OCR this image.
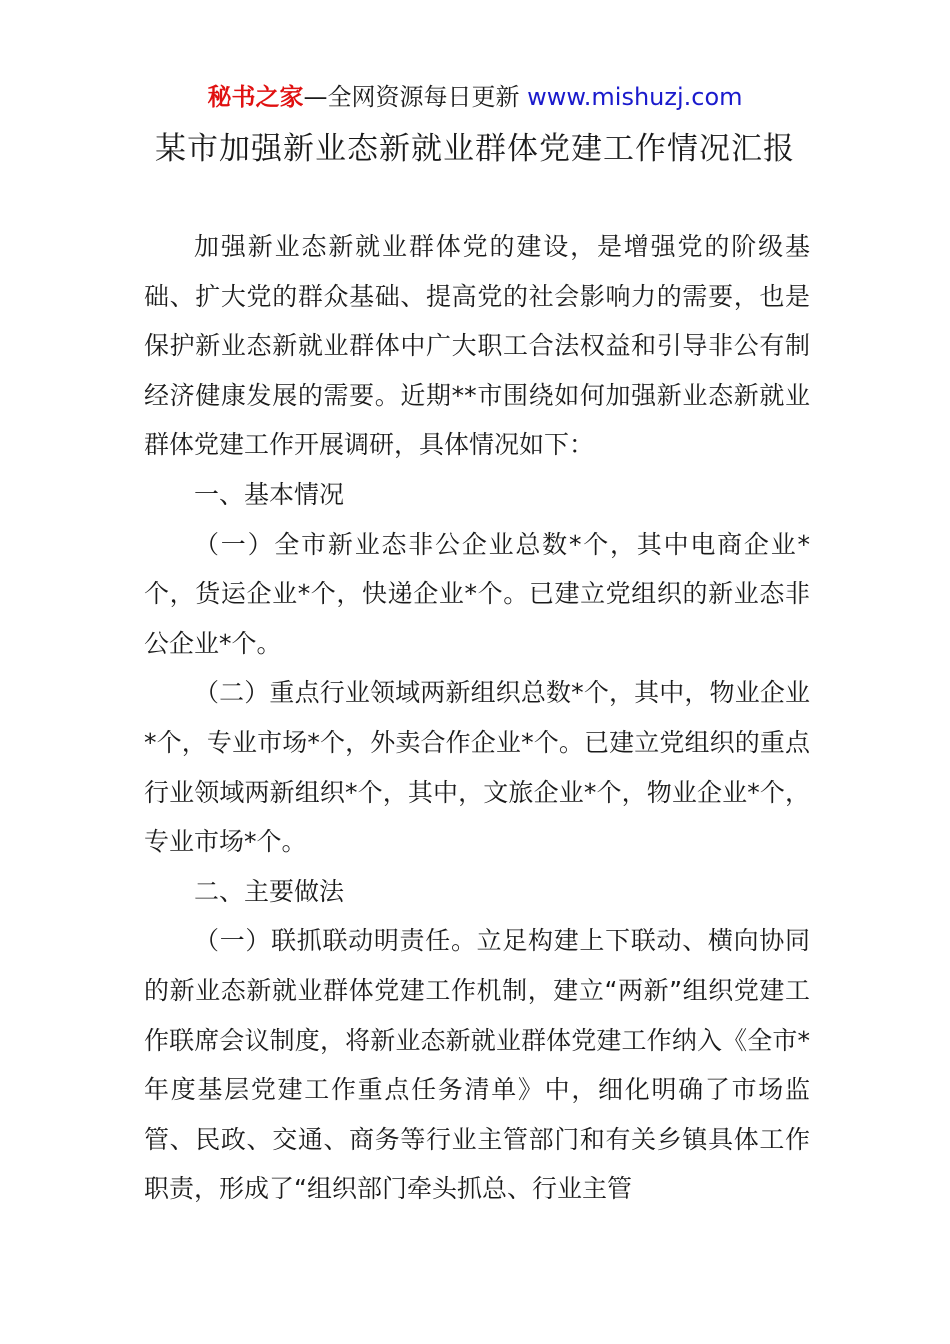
秘书之家—全网资源每日更新 www.mishuzj.com
某市加强新业态新就业群体党建工作情况汇报

加强新业态新就业群体党的建设，是增强党的阶级基础、扩大党的群众基础、提高党的社会影响力的需要，也是保护新业态新就业群体中广大职工合法权益和引导非公有制经济健康发展的需要。近期**市围绕如何加强新业态新就业群体党建工作开展调研，具体情况如下：

一、基本情况

（一）全市新业态非公企业总数*个，其中电商企业*个，货运企业*个，快递企业*个。已建立党组织的新业态非公企业*个。

（二）重点行业领域两新组织总数*个，其中，物业企业*个，专业市场*个，外卖合作企业*个。已建立党组织的重点行业领域两新组织*个，其中，文旅企业*个，物业企业*个，专业市场*个。

二、主要做法

（一）联抓联动明责任。立足构建上下联动、横向协同的新业态新就业群体党建工作机制，建立“两新”组织党建工作联席会议制度，将新业态新就业群体党建工作纳入《全市*年度基层党建工作重点任务清单》中，细化明确了市场监管、民政、交通、商务等行业主管部门和有关乡镇具体工作职责，形成了“组织部门牵头抓总、行业主管
